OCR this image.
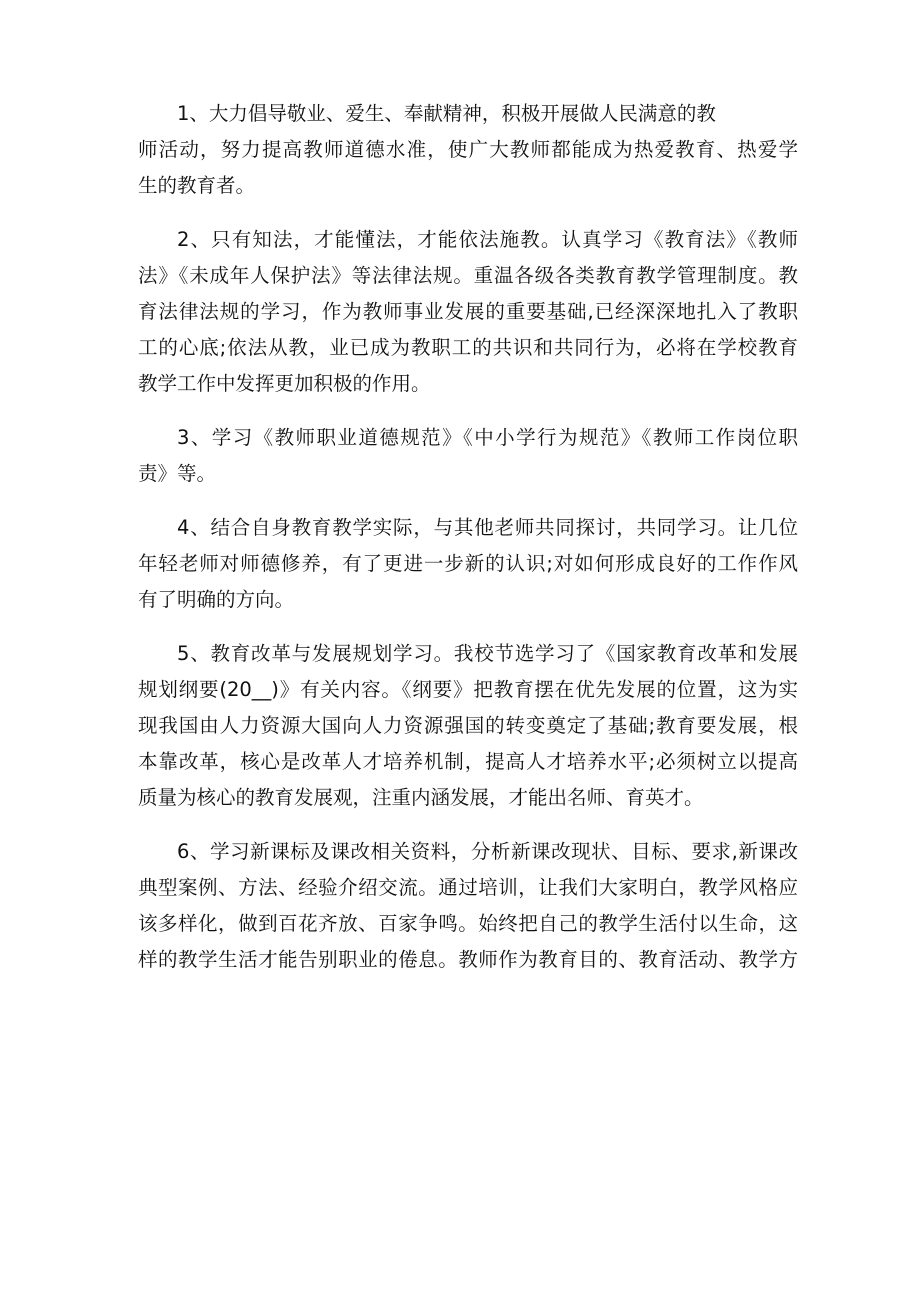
1、大力倡导敬业、爱生、奉献精神，积极开展做人民满意的教
师活动，努力提高教师道德水准，使广大教师都能成为热爱教育、热爱学
生的教育者。
2、只有知法，才能懂法，才能依法施教。认真学习《教育法》《教师
法》《未成年人保护法》等法律法规。重温各级各类教育教学管理制度。教
育法律法规的学习，作为教师事业发展的重要基础,已经深深地扎入了教职
工的心底;依法从教，业已成为教职工的共识和共同行为，必将在学校教育
教学工作中发挥更加积极的作用。
3、学习《教师职业道德规范》《中小学行为规范》《教师工作岗位职
责》等。
4、结合自身教育教学实际，与其他老师共同探讨，共同学习。让几位
年轻老师对师德修养，有了更进一步新的认识;对如何形成良好的工作作风
有了明确的方向。
5、教育改革与发展规划学习。我校节选学习了《国家教育改革和发展
规划纲要(20__)》有关内容。《纲要》把教育摆在优先发展的位置，这为实
现我国由人力资源大国向人力资源强国的转变奠定了基础;教育要发展，根
本靠改革，核心是改革人才培养机制，提高人才培养水平;必须树立以提高
质量为核心的教育发展观，注重内涵发展，才能出名师、育英才。
6、学习新课标及课改相关资料，分析新课改现状、目标、要求,新课改
典型案例、方法、经验介绍交流。通过培训，让我们大家明白，教学风格应
该多样化，做到百花齐放、百家争鸣。始终把自己的教学生活付以生命，这
样的教学生活才能告别职业的倦息。教师作为教育目的、教育活动、教学方
